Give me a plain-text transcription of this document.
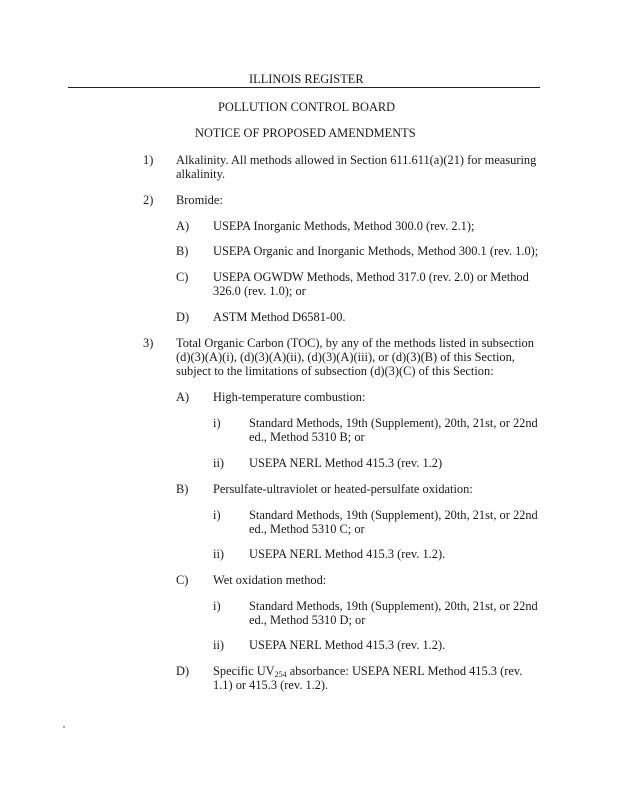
ILLINOIS REGISTER
POLLUTION CONTROL BOARD
NOTICE OF PROPOSED AMENDMENTS
1) Alkalinity. All methods allowed in Section 611.611(a)(21) for measuring
alkalinity.
2) Bromide:
A) USEPA Inorganic Methods, Method 300.0 (rev. 2.1);
B) USEPA Organic and Inorganic Methods, Method 300.1 (rev. 1.0);
C) USEPA OGWDW Methods, Method 317.0 (rev. 2.0) or Method
326.0 (rev. 1.0); or
D) ASTM Method D6581-00.
3) Total Organic Carbon (TOC), by any of the methods listed in subsection
(d)(3)(A)(i), (d)(3)(A)(ii), (d)(3)(A)(iii), or (d)(3)(B) of this Section,
subject to the limitations of subsection (d)(3)(C) of this Section:
A) High-temperature combustion:
i) Standard Methods, 19th (Supplement), 20th, 21st, or 22nd
ed., Method 5310 B; or
ii) USEPA NERL Method 415.3 (rev. 1.2)
B) Persulfate-ultraviolet or heated-persulfate oxidation:
i) Standard Methods, 19th (Supplement), 20th, 21st, or 22nd
ed., Method 5310 C; or
ii) USEPA NERL Method 415.3 (rev. 1.2).
C) Wet oxidation method:
i) Standard Methods, 19th (Supplement), 20th, 21st, or 22nd
ed., Method 5310 D; or
ii) USEPA NERL Method 415.3 (rev. 1.2).
D) Specific $UV_{254}$ absorbance: USEPA NERL Method 415.3 (rev.
1.1) or 415.3 (rev. 1.2).
